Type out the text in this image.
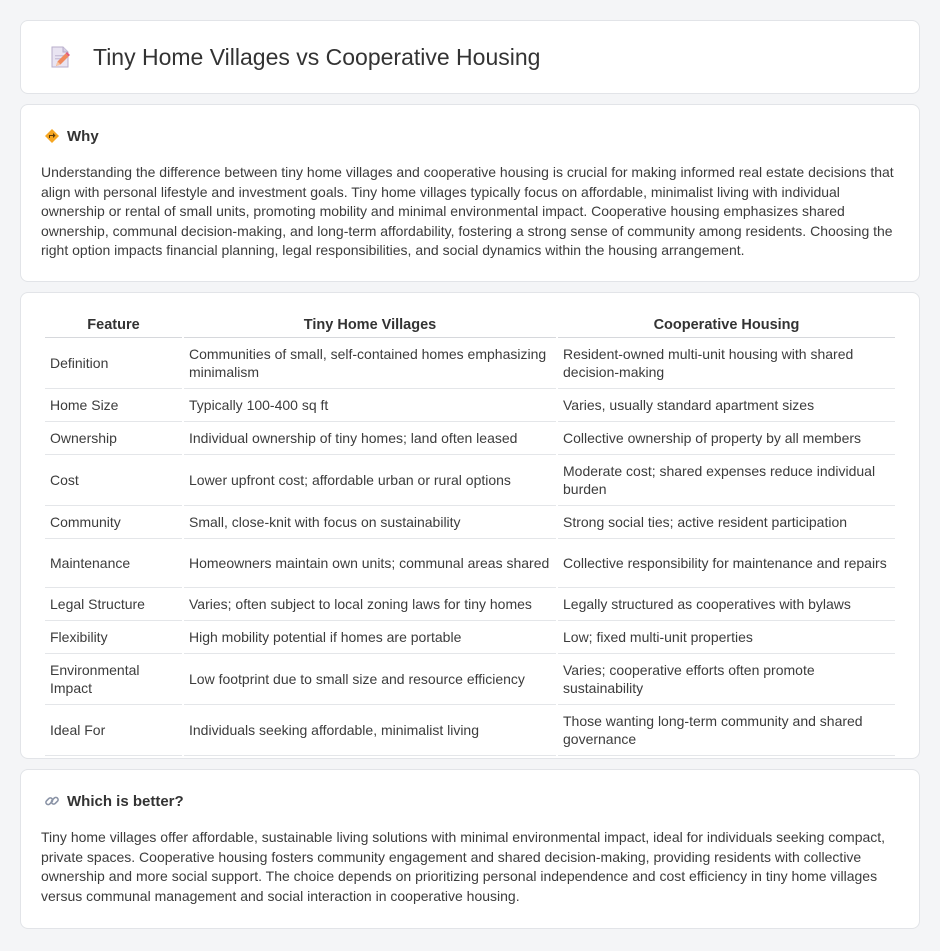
Tiny Home Villages vs Cooperative Housing
Why

Understanding the difference between tiny home villages and cooperative housing is crucial for making informed real estate decisions that align with personal lifestyle and investment goals. Tiny home villages typically focus on affordable, minimalist living with individual ownership or rental of small units, promoting mobility and minimal environmental impact. Cooperative housing emphasizes shared ownership, communal decision-making, and long-term affordability, fostering a strong sense of community among residents. Choosing the right option impacts financial planning, legal responsibilities, and social dynamics within the housing arrangement.

Feature	Tiny Home Villages	Cooperative Housing
Definition	Communities of small, self-contained homes emphasizing minimalism	Resident-owned multi-unit housing with shared decision-making
Home Size	Typically 100-400 sq ft	Varies, usually standard apartment sizes
Ownership	Individual ownership of tiny homes; land often leased	Collective ownership of property by all members
Cost	Lower upfront cost; affordable urban or rural options	Moderate cost; shared expenses reduce individual burden
Community	Small, close-knit with focus on sustainability	Strong social ties; active resident participation
Maintenance	Homeowners maintain own units; communal areas shared	Collective responsibility for maintenance and repairs
Legal Structure	Varies; often subject to local zoning laws for tiny homes	Legally structured as cooperatives with bylaws
Flexibility	High mobility potential if homes are portable	Low; fixed multi-unit properties
Environmental Impact	Low footprint due to small size and resource efficiency	Varies; cooperative efforts often promote sustainability
Ideal For	Individuals seeking affordable, minimalist living	Those wanting long-term community and shared governance
Which is better?

Tiny home villages offer affordable, sustainable living solutions with minimal environmental impact, ideal for individuals seeking compact, private spaces. Cooperative housing fosters community engagement and shared decision-making, providing residents with collective ownership and more social support. The choice depends on prioritizing personal independence and cost efficiency in tiny home villages versus communal management and social interaction in cooperative housing.
